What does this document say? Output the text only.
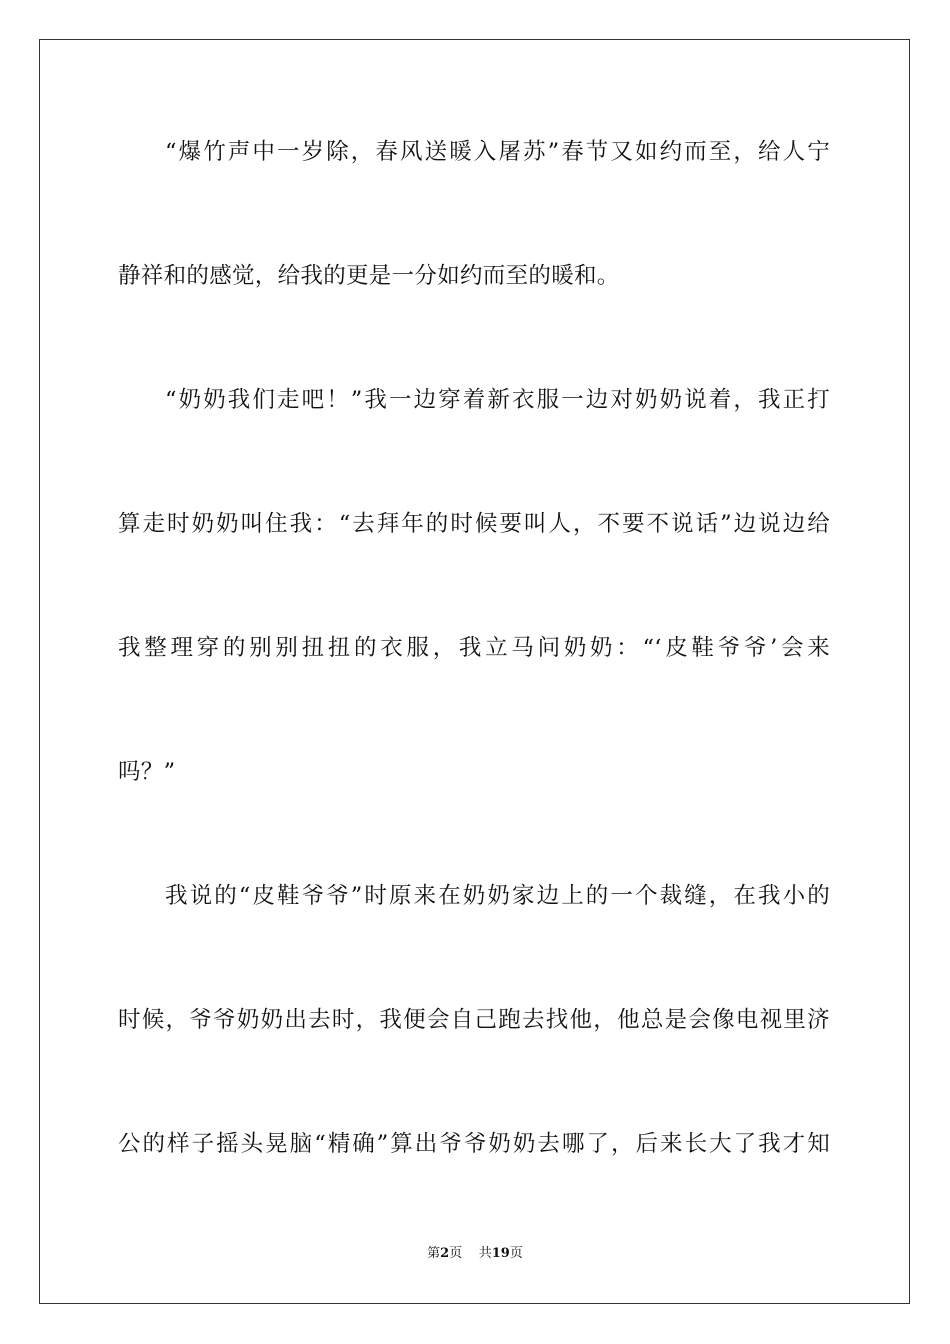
“爆竹声中一岁除，春风送暖入屠苏”春节又如约而至，给人宁
静祥和的感觉，给我的更是一分如约而至的暖和。
“奶奶我们走吧！”我一边穿着新衣服一边对奶奶说着，我正打
算走时奶奶叫住我：“去拜年的时候要叫人，不要不说话”边说边给
我整理穿的别别扭扭的衣服，我立马问奶奶：“‘皮鞋爷爷’会来
吗？”
我说的“皮鞋爷爷”时原来在奶奶家边上的一个裁缝，在我小的
时候，爷爷奶奶出去时，我便会自己跑去找他，他总是会像电视里济
公的样子摇头晃脑“精确”算出爷爷奶奶去哪了，后来长大了我才知
第2页 共19页
